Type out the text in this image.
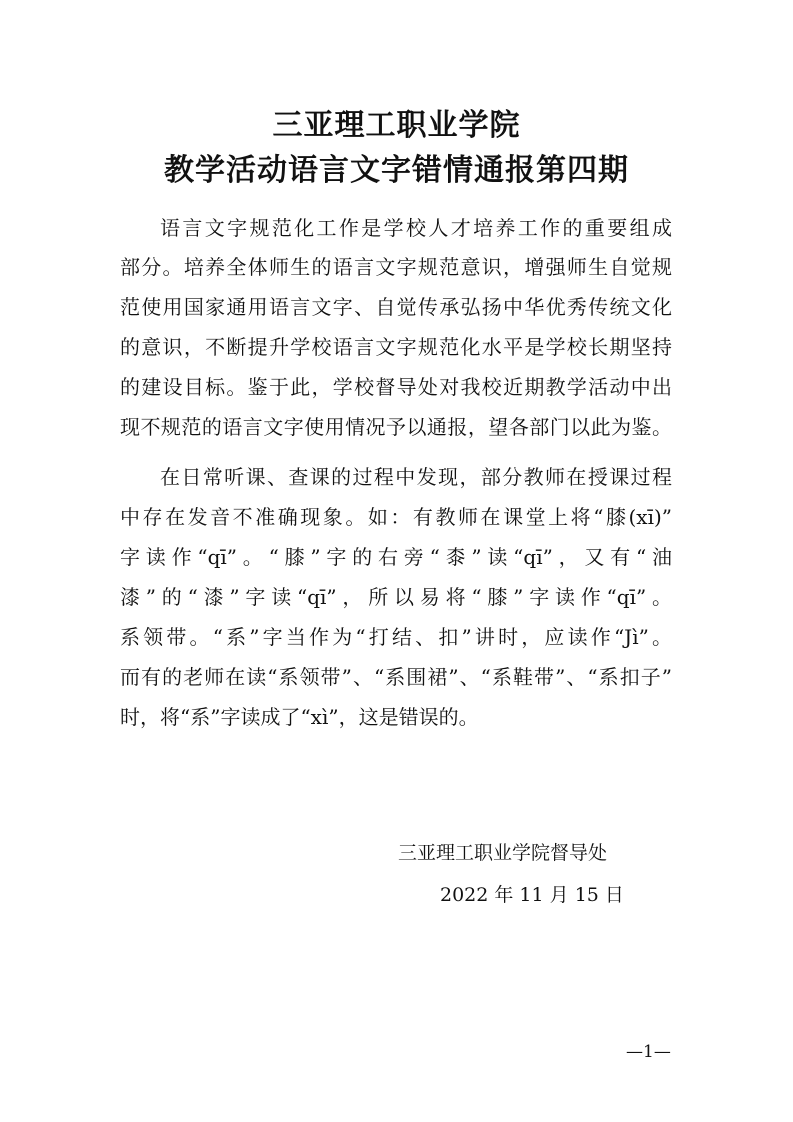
三亚理工职业学院
教学活动语言文字错情通报第四期
语言文字规范化工作是学校人才培养工作的重要组成
部分。培养全体师生的语言文字规范意识，增强师生自觉规
范使用国家通用语言文字、自觉传承弘扬中华优秀传统文化
的意识，不断提升学校语言文字规范化水平是学校长期坚持
的建设目标。鉴于此，学校督导处对我校近期教学活动中出
现不规范的语言文字使用情况予以通报，望各部门以此为鉴。
在日常听课、查课的过程中发现，部分教师在授课过程
中存在发音不准确现象。如：有教师在课堂上将“膝(xī)”
字读作“qī”。“膝”字的右旁“桼”读“qī”，又有“油
漆”的“漆”字读“qī”，所以易将“膝”字读作“qī”。
系领带。“系”字当作为“打结、扣”讲时，应读作“Jì”。
而有的老师在读“系领带”、“系围裙”、“系鞋带”、“系扣子”
时，将“系”字读成了“xì”，这是错误的。
三亚理工职业学院督导处
2022 年 11 月 15 日
—1—
